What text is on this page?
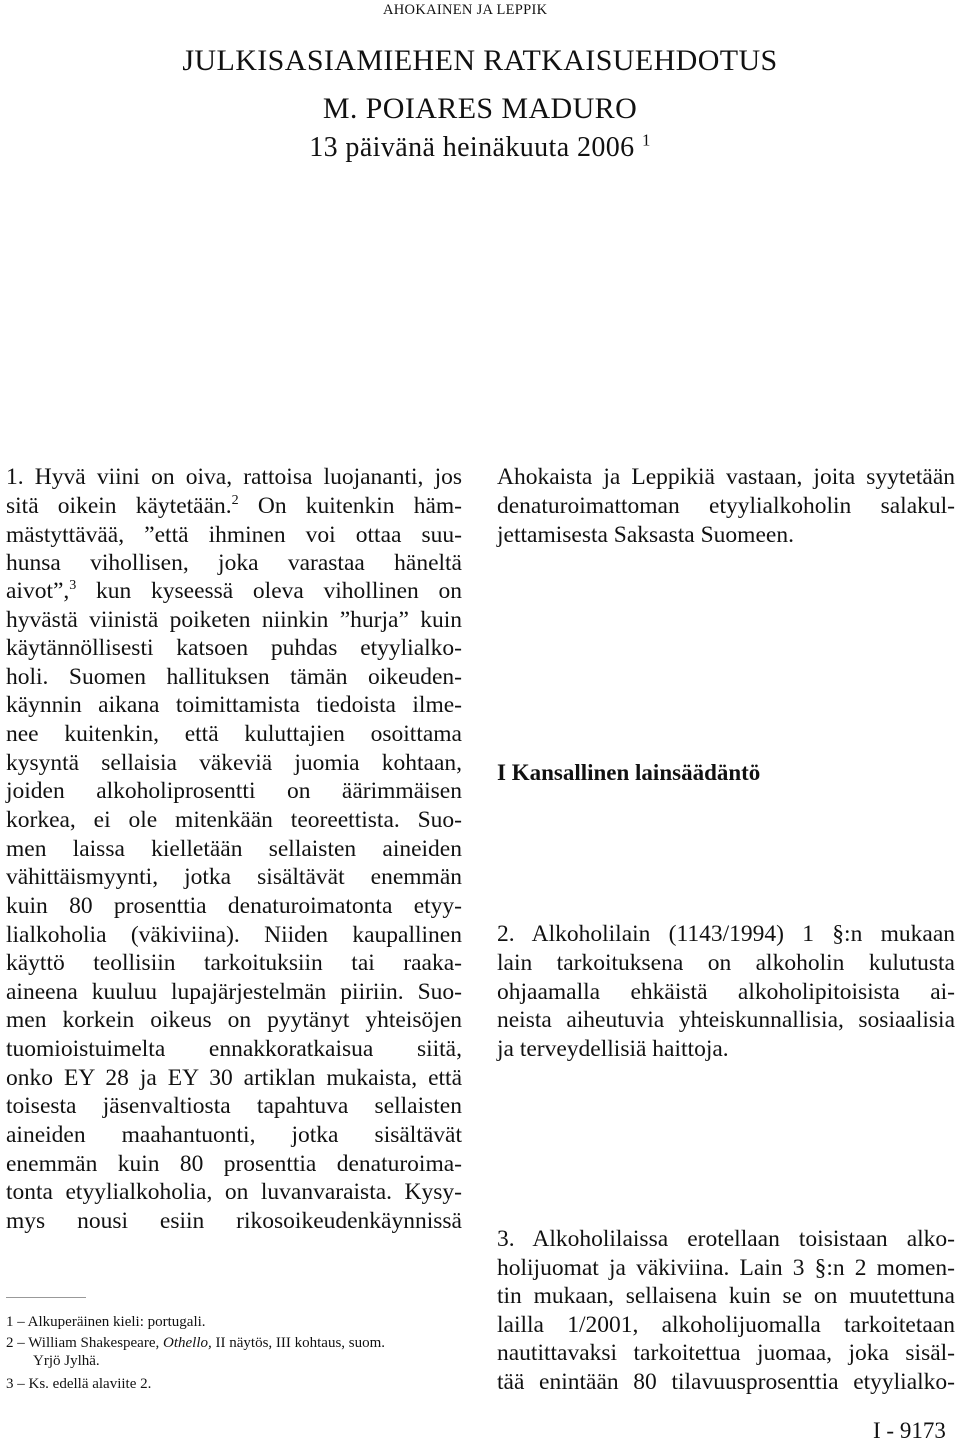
AHOKAINEN JA LEPPIK
JULKISASIAMIEHEN RATKAISUEHDOTUS
M. POIARES MADURO
13 päivänä heinäkuuta 2006 $^1$
1. Hyvä viini on oiva, rattoisa luojananti, jos
sitä oikein käytetään.$^2$ On kuitenkin häm-
mästyttävää, ”että ihminen voi ottaa suu-
hunsa vihollisen, joka varastaa häneltä
aivot”,$^3$ kun kyseessä oleva vihollinen on
hyvästä viinistä poiketen niinkin ”hurja” kuin
käytännöllisesti katsoen puhdas etyylialko-
holi. Suomen hallituksen tämän oikeuden-
käynnin aikana toimittamista tiedoista ilme-
nee kuitenkin, että kuluttajien osoittama
kysyntä sellaisia väkeviä juomia kohtaan,
joiden alkoholiprosentti on äärimmäisen
korkea, ei ole mitenkään teoreettista. Suo-
men laissa kielletään sellaisten aineiden
vähittäismyynti, jotka sisältävät enemmän
kuin 80 prosenttia denaturoimatonta etyy-
lialkoholia (väkiviina). Niiden kaupallinen
käyttö teollisiin tarkoituksiin tai raaka-
aineena kuuluu lupajärjestelmän piiriin. Suo-
men korkein oikeus on pyytänyt yhteisöjen
tuomioistuimelta ennakkoratkaisua siitä,
onko EY 28 ja EY 30 artiklan mukaista, että
toisesta jäsenvaltiosta tapahtuva sellaisten
aineiden maahantuonti, jotka sisältävät
enemmän kuin 80 prosenttia denaturoima-
tonta etyylialkoholia, on luvanvaraista. Kysy-
mys nousi esiin rikosoikeudenkäynnissä
Ahokaista ja Leppikiä vastaan, joita syytetään
denaturoimattoman etyylialkoholin salakul-
jettamisesta Saksasta Suomeen.
I Kansallinen lainsäädäntö
2. Alkoholilain (1143/1994) 1 §:n mukaan
lain tarkoituksena on alkoholin kulutusta
ohjaamalla ehkäistä alkoholipitoisista ai-
neista aiheutuvia yhteiskunnallisia, sosiaalisia
ja terveydellisiä haittoja.
3. Alkoholilaissa erotellaan toisistaan alko-
holijuomat ja väkiviina. Lain 3 §:n 2 momen-
tin mukaan, sellaisena kuin se on muutettuna
lailla 1/2001, alkoholijuomalla tarkoitetaan
nautittavaksi tarkoitettua juomaa, joka sisäl-
tää enintään 80 tilavuusprosenttia etyylialko-
1 – Alkuperäinen kieli: portugali.
2 – William Shakespeare, Othello, II näytös, III kohtaus, suom.
Yrjö Jylhä.
3 – Ks. edellä alaviite 2.
I - 9173
